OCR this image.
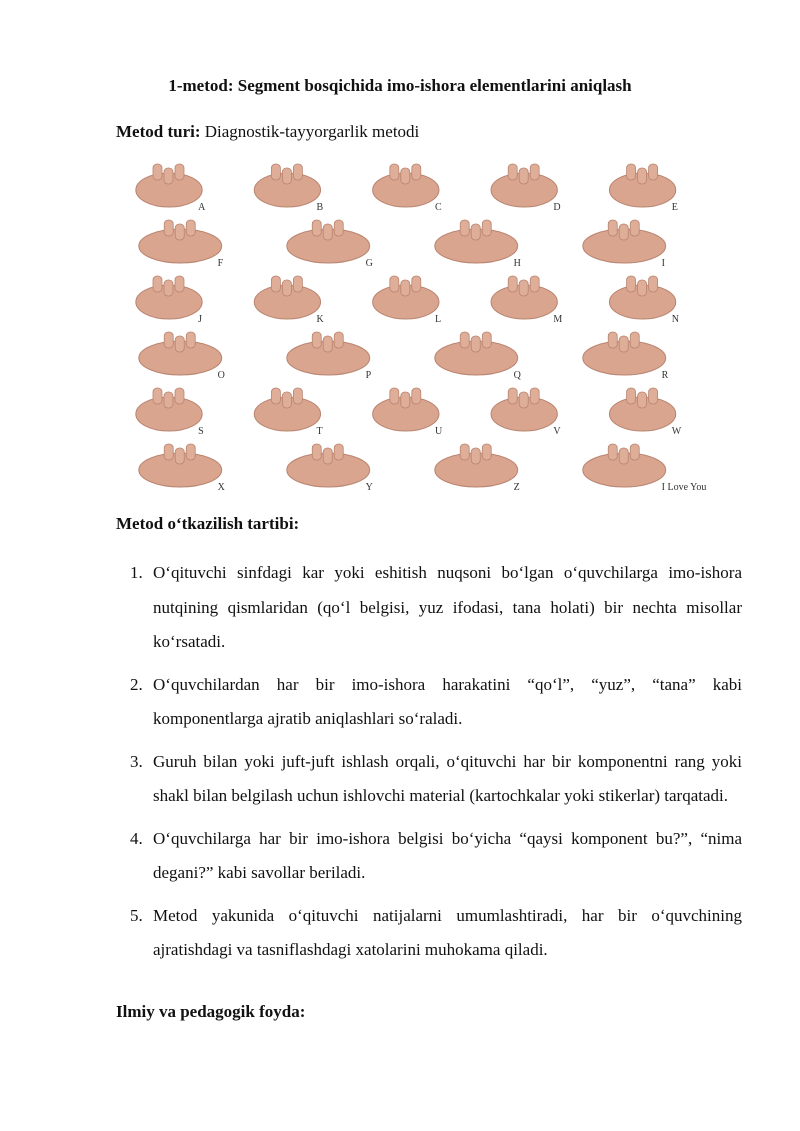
1-metod: Segment bosqichida imo-ishora elementlarini aniqlash
Metod turi: Diagnostik-tayyorgarlik metodi
A	B	C	D	E
F	G	H	I
J	K	L	M	N
O	P	Q	R
S	T	U	V	W
X	Y	Z	I Love You
Metod o‘tkazilish tartibi:
1. O‘qituvchi sinfdagi kar yoki eshitish nuqsoni bo‘lgan o‘quvchilarga imo-ishora nutqining qismlaridan (qo‘l belgisi, yuz ifodasi, tana holati) bir nechta misollar ko‘rsatadi.
2. O‘quvchilardan har bir imo-ishora harakatini “qo‘l”, “yuz”, “tana” kabi komponentlarga ajratib aniqlashlari so‘raladi.
3. Guruh bilan yoki juft-juft ishlash orqali, o‘qituvchi har bir komponentni rang yoki shakl bilan belgilash uchun ishlovchi material (kartochkalar yoki stikerlar) tarqatadi.
4. O‘quvchilarga har bir imo-ishora belgisi bo‘yicha “qaysi komponent bu?”, “nima degani?” kabi savollar beriladi.
5. Metod yakunida o‘qituvchi natijalarni umumlashtiradi, har bir o‘quvchining ajratishdagi va tasniflashdagi xatolarini muhokama qiladi.
Ilmiy va pedagogik foyda:
